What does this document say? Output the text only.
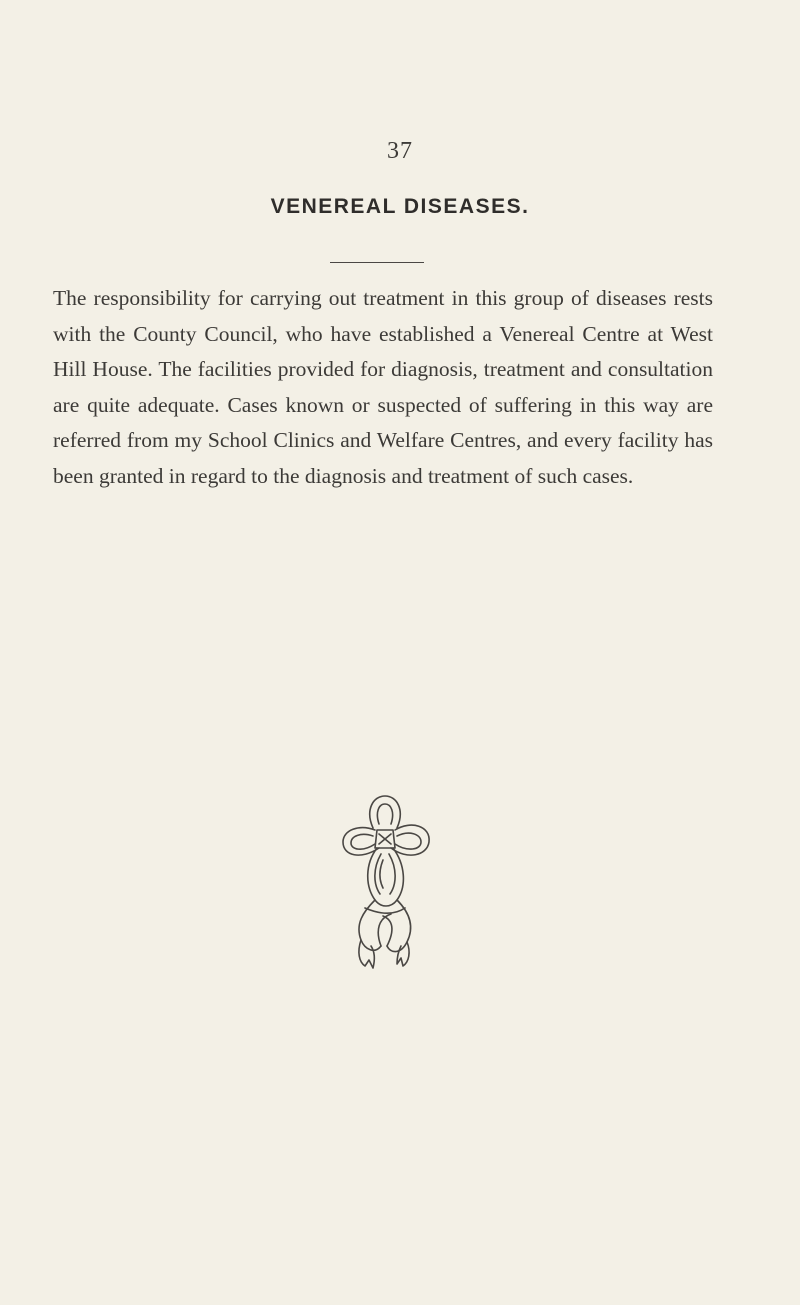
37
VENEREAL DISEASES.

The responsibility for carrying out treatment in this group of diseases rests with the County Council, who have established a Venereal Centre at West Hill House. The facilities provided for diagnosis, treatment and consultation are quite adequate. Cases known or suspected of suffering in this way are referred from my School Clinics and Welfare Centres, and every facility has been granted in regard to the diagnosis and treatment of such cases.
